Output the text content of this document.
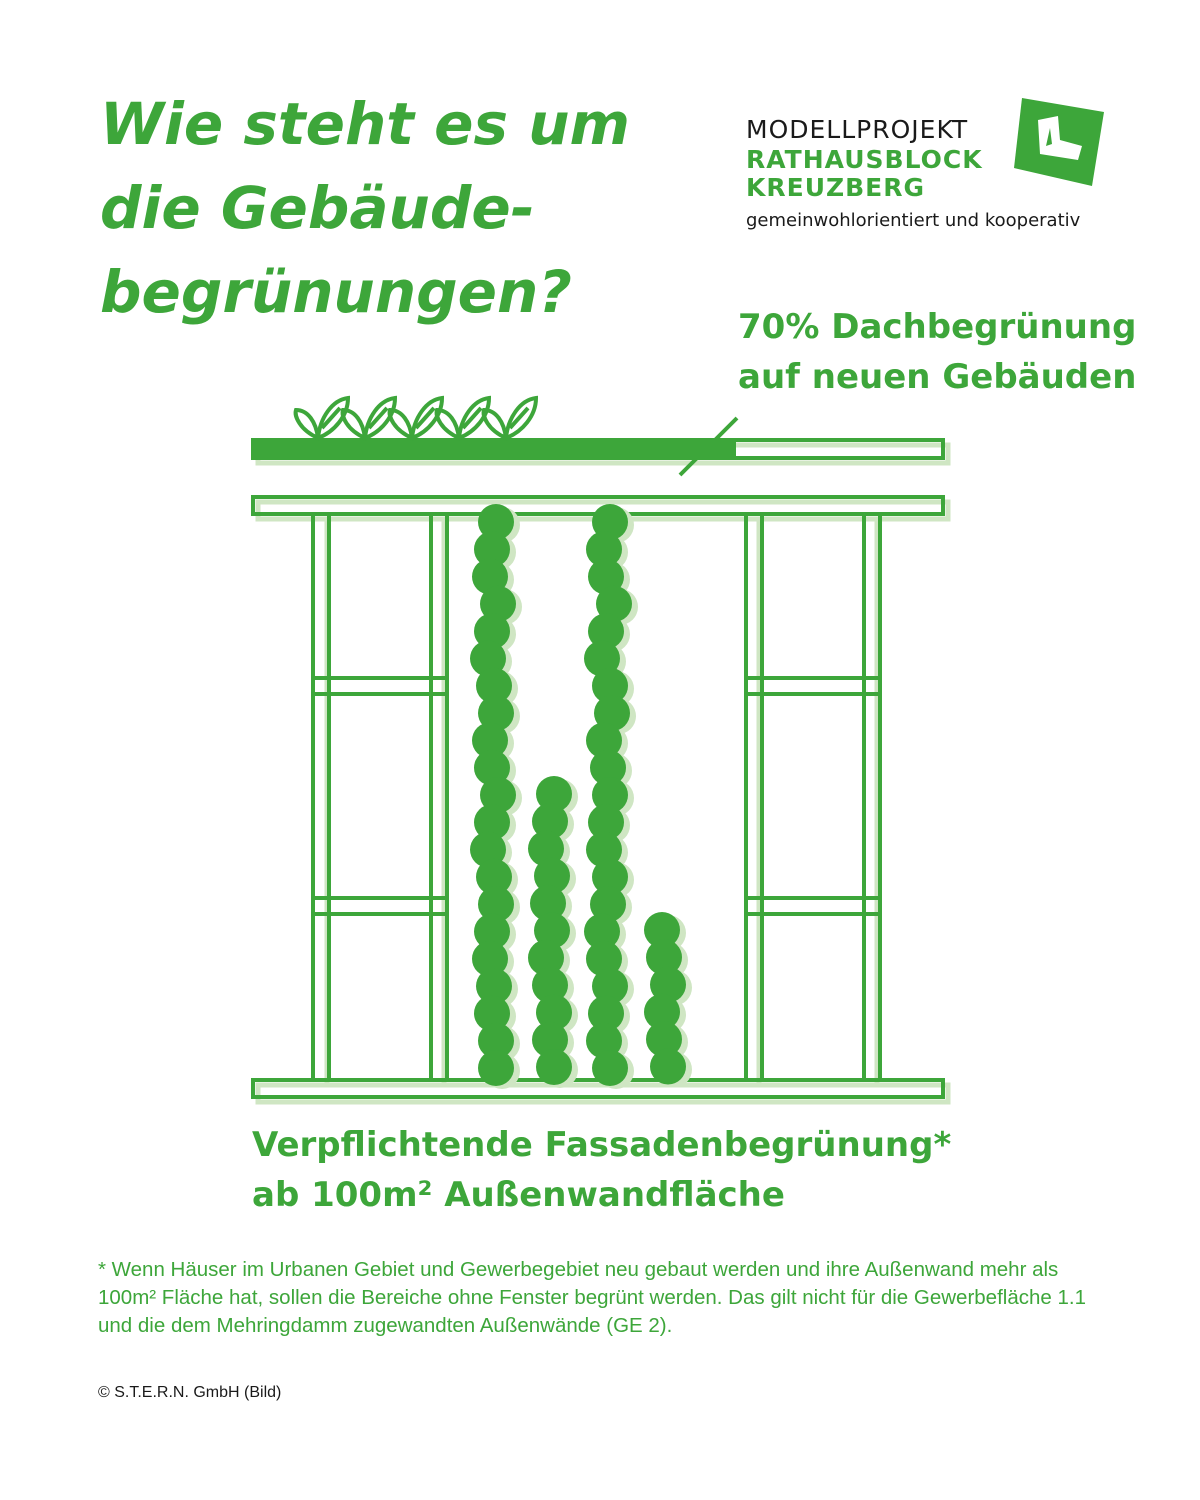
Wie steht es um
die Gebäude-
begrünungen?
MODELLPROJEKT
RATHAUSBLOCK
KREUZBERG
gemeinwohlorientiert und kooperativ
70% Dachbegrünung
auf neuen Gebäuden
Verpflichtende Fassadenbegrünung*
ab 100m² Außenwandfläche

* Wenn Häuser im Urbanen Gebiet und Gewerbegebiet neu gebaut werden und ihre Außenwand mehr als
100m² Fläche hat, sollen die Bereiche ohne Fenster begrünt werden. Das gilt nicht für die Gewerbefläche 1.1
und die dem Mehringdamm zugewandten Außenwände (GE 2).

© S.T.E.R.N. GmbH (Bild)
